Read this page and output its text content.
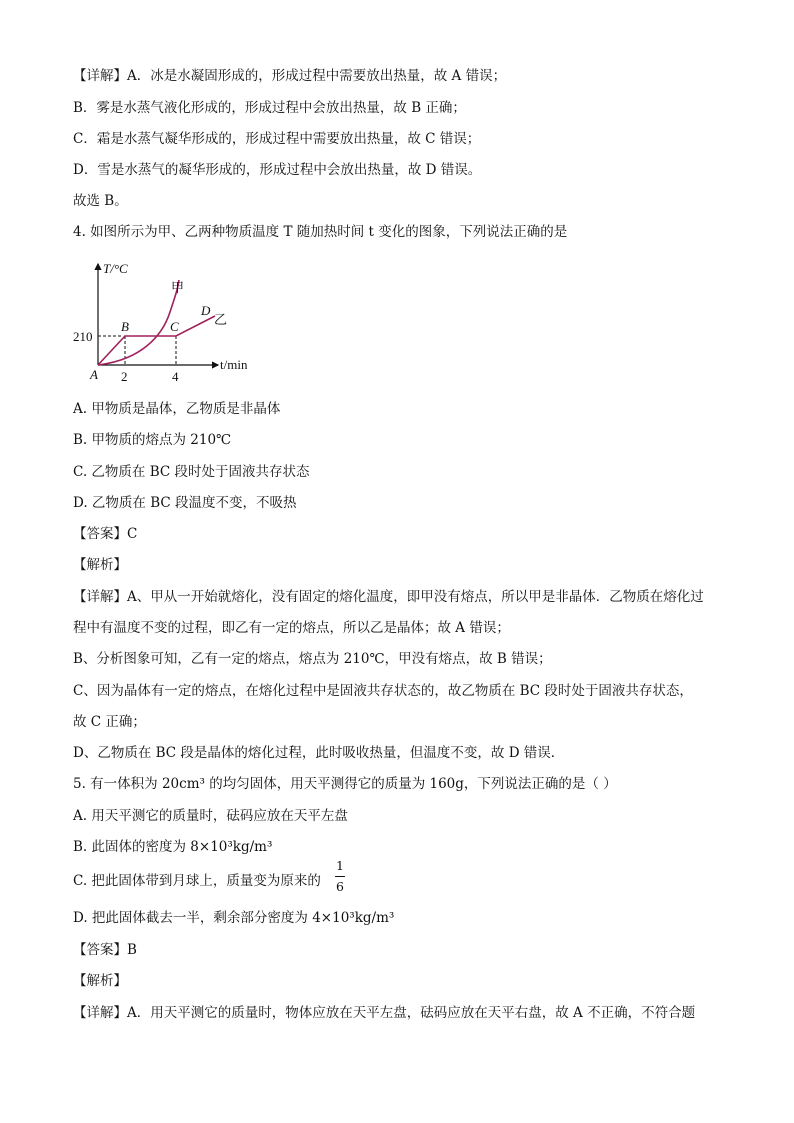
【详解】A．冰是水凝固形成的，形成过程中需要放出热量，故 A 错误；
B．雾是水蒸气液化形成的，形成过程中会放出热量，故 B 正确；
C．霜是水蒸气凝华形成的，形成过程中需要放出热量，故 C 错误；
D．雪是水蒸气的凝华形成的，形成过程中会放出热量，故 D 错误。
故选 B。
4. 如图所示为甲、乙两种物质温度 T 随加热时间 t 变化的图象，下列说法正确的是
T/°C
t/min
210
2	4
A
B	C
D
甲
乙
A. 甲物质是晶体，乙物质是非晶体
B. 甲物质的熔点为 210℃
C. 乙物质在 BC 段时处于固液共存状态
D. 乙物质在 BC 段温度不变，不吸热
【答案】C
【解析】
【详解】A、甲从一开始就熔化，没有固定的熔化温度，即甲没有熔点，所以甲是非晶体．乙物质在熔化过
程中有温度不变的过程，即乙有一定的熔点，所以乙是晶体；故 A 错误；
B、分析图象可知，乙有一定的熔点，熔点为 210℃，甲没有熔点，故 B 错误；
C、因为晶体有一定的熔点，在熔化过程中是固液共存状态的，故乙物质在 BC 段时处于固液共存状态，
故 C 正确；
D、乙物质在 BC 段是晶体的熔化过程，此时吸收热量，但温度不变，故 D 错误．
5. 有一体积为 20cm³ 的均匀固体，用天平测得它的质量为 160g，下列说法正确的是（ ）
A. 用天平测它的质量时，砝码应放在天平左盘
B. 此固体的密度为 8×10³kg/m³
C. 把此固体带到月球上，质量变为原来的
1
6
D. 把此固体截去一半，剩余部分密度为 4×10³kg/m³
【答案】B
【解析】
【详解】A．用天平测它的质量时，物体应放在天平左盘，砝码应放在天平右盘，故 A 不正确，不符合题
